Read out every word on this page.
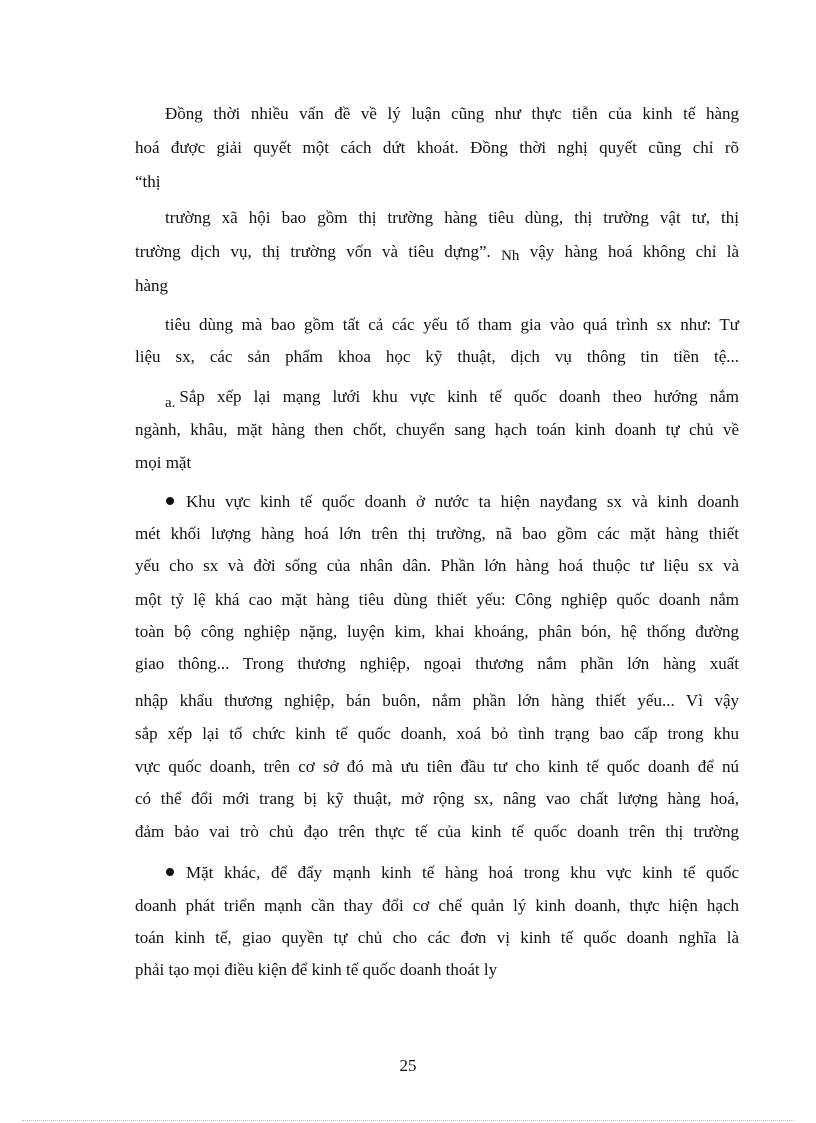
Đồng thời nhiều vấn đề về lý luận cũng như thực tiễn của kinh tế hàng
hoá được giải quyết một cách dứt khoát. Đồng thời nghị quyết cũng chỉ rõ
“thị
trường xã hội bao gồm thị trường hàng tiêu dùng, thị trường vật tư, thị
trường dịch vụ, thị trường vốn và tiêu dựng”. Nh vậy hàng hoá không chỉ là
hàng
tiêu dùng mà bao gồm tất cả các yếu tố tham gia vào quá trình sx như: Tư
liệu sx, các sản phẩm khoa học kỹ thuật, dịch vụ thông tin tiền tệ...
a. Sắp xếp lại mạng lưới khu vực kinh tế quốc doanh theo hướng nắm
ngành, khâu, mặt hàng then chốt, chuyển sang hạch toán kinh doanh tự chủ về
mọi mặt
Khu vực kinh tế quốc doanh ở nước ta hiện nayđang sx và kinh doanh
mét khối lượng hàng hoá lớn trên thị trường, nã bao gồm các mặt hàng thiết
yếu cho sx và đời sống của nhân dân. Phần lớn hàng hoá thuộc tư liệu sx và
một tỷ lệ khá cao mặt hàng tiêu dùng thiết yếu: Công nghiệp quốc doanh nắm
toàn bộ công nghiệp nặng, luyện kim, khai khoáng, phân bón, hệ thống đường
giao thông... Trong thương nghiệp, ngoại thương nắm phần lớn hàng xuất
nhập khẩu thương nghiệp, bán buôn, nắm phần lớn hàng thiết yếu... Vì vậy
sắp xếp lại tổ chức kinh tế quốc doanh, xoá bỏ tình trạng bao cấp trong khu
vực quốc doanh, trên cơ sở đó mà ưu tiên đầu tư cho kinh tế quốc doanh để nú
có thể đổi mới trang bị kỹ thuật, mở rộng sx, nâng vao chất lượng hàng hoá,
đảm bảo vai trò chủ đạo trên thực tế của kinh tế quốc doanh trên thị trường
Mặt khác, để đẩy mạnh kinh tế hàng hoá trong khu vực kinh tế quốc
doanh phát triển mạnh cần thay đổi cơ chế quản lý kinh doanh, thực hiện hạch
toán kinh tế, giao quyền tự chủ cho các đơn vị kinh tế quốc doanh nghĩa là
phải tạo mọi điều kiện để kinh tế quốc doanh thoát ly
25
